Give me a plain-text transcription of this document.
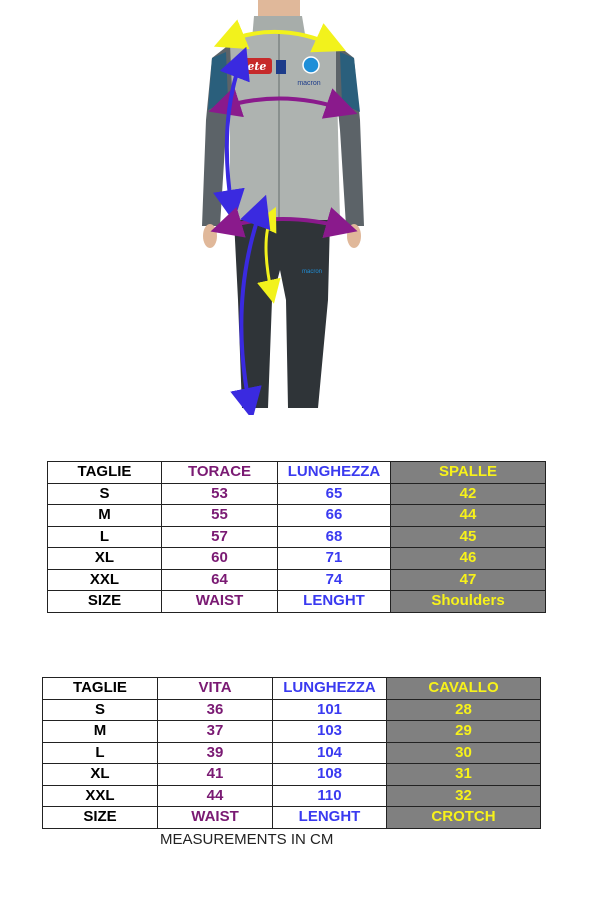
Lete
macron
macron
TAGLIE	TORACE	LUNGHEZZA	SPALLE
S	53	65	42
M	55	66	44
L	57	68	45
XL	60	71	46
XXL	64	74	47
SIZE	WAIST	LENGHT	Shoulders
TAGLIE	VITA	LUNGHEZZA	CAVALLO
S	36	101	28
M	37	103	29
L	39	104	30
XL	41	108	31
XXL	44	110	32
SIZE	WAIST	LENGHT	CROTCH
MEASUREMENTS IN CM
